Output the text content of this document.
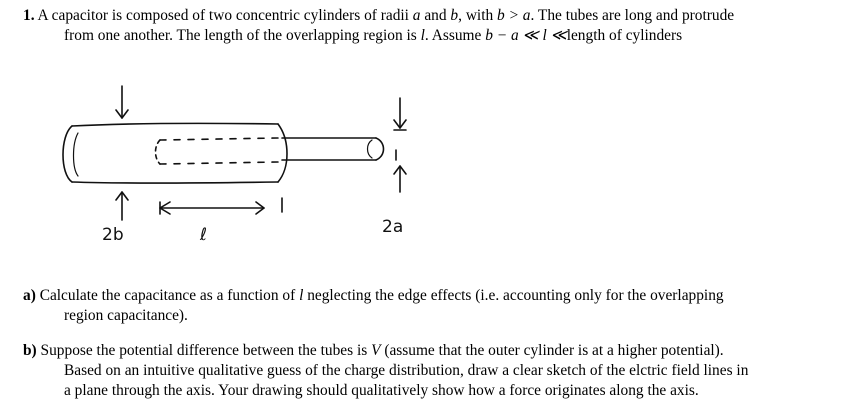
1. A capacitor is composed of two concentric cylinders of radii a and b, with b > a. The tubes are long and protrude
from one another. The length of the overlapping region is l. Assume b − a ≪ l ≪length of cylinders
2b	ℓ	2a
a) Calculate the capacitance as a function of l neglecting the edge effects (i.e. accounting only for the overlapping
region capacitance).
b) Suppose the potential difference between the tubes is V (assume that the outer cylinder is at a higher potential).
Based on an intuitive qualitative guess of the charge distribution, draw a clear sketch of the elctric field lines in
a plane through the axis. Your drawing should qualitatively show how a force originates along the axis.
